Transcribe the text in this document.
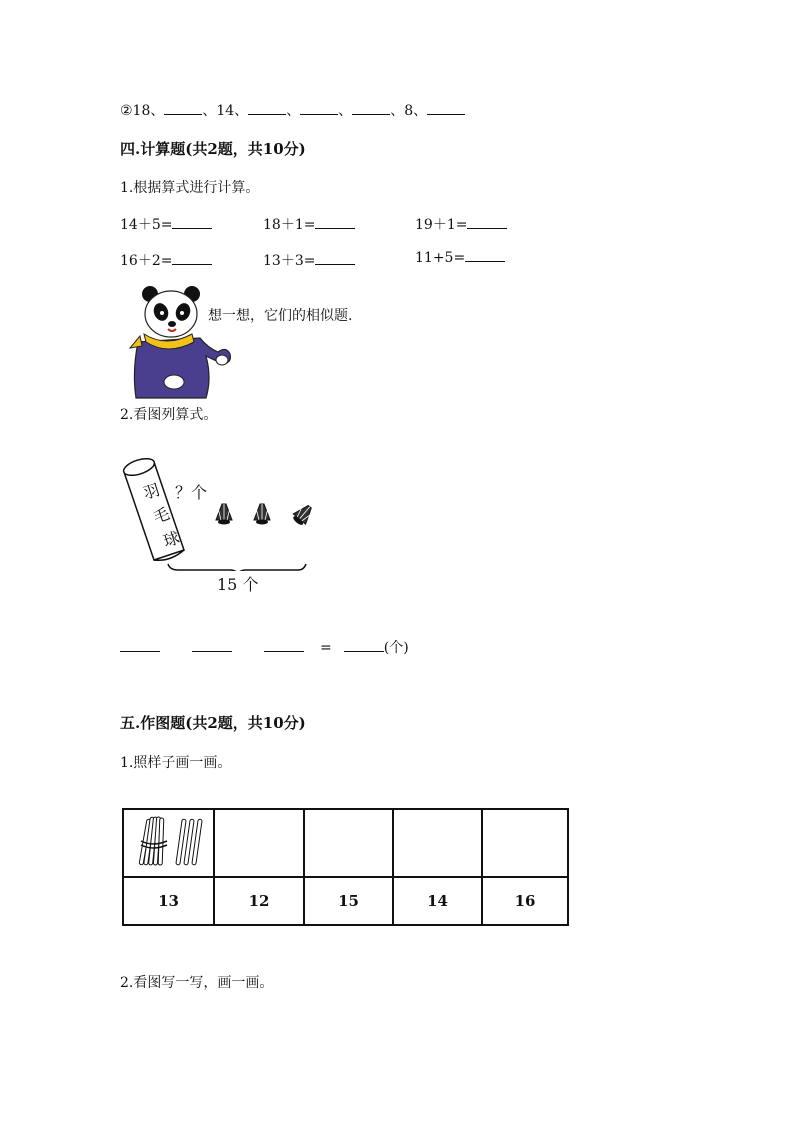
②18、	、14、	、	、	、8、
四.计算题(共2题，共10分)
1.根据算式进行计算。
14＋5=	18＋1=	19＋1=
16＋2=	13＋3=	11+5=
想一想，它们的相似题.
2.看图列算式。
羽
毛
球
？个
15 个
=	(个)
五.作图题(共2题，共10分)
1.照样子画一画。

13	12	15	14	16
2.看图写一写，画一画。
